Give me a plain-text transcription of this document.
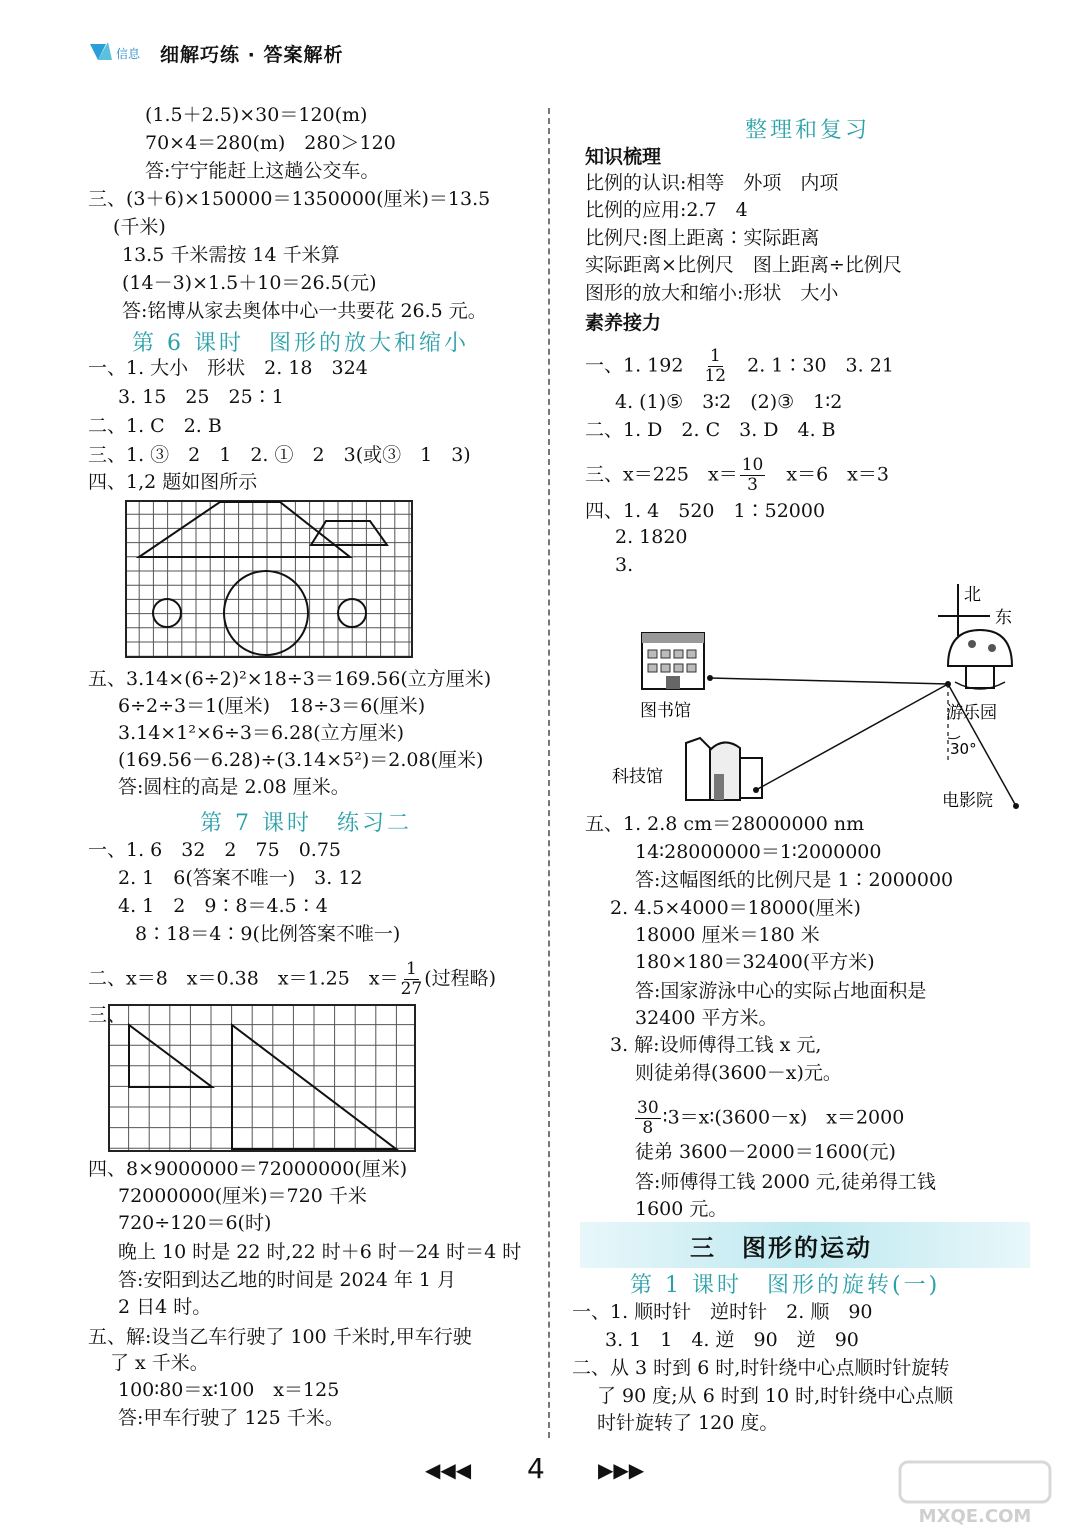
信息 细解巧练 · 答案解析
(1.5＋2.5)×30＝120(m)
70×4＝280(m)　280＞120
答:宁宁能赶上这趟公交车。
三、(3＋6)×150000＝1350000(厘米)＝13.5
(千米)
13.5 千米需按 14 千米算
(14－3)×1.5＋10＝26.5(元)
答:铭博从家去奥体中心一共要花 26.5 元。
第 6 课时　图形的放大和缩小
一、1. 大小　形状　2. 18　324
3. 15　25　25∶1
二、1. C　2. B
三、1. ③　2　1　2. ①　2　3(或③　1　3)
四、1,2 题如图所示
五、3.14×(6÷2)²×18÷3＝169.56(立方厘米)
6÷2÷3＝1(厘米)　18÷3＝6(厘米)
3.14×1²×6÷3＝6.28(立方厘米)
(169.56－6.28)÷(3.14×5²)＝2.08(厘米)
答:圆柱的高是 2.08 厘米。
第 7 课时　练习二
一、1. 6　32　2　75　0.75
2. 1　6(答案不唯一)　3. 12
4. 1　2　9∶8＝4.5∶4
8∶18＝4∶9(比例答案不唯一)
二、x＝8　x＝0.38　x＝1.25　$x= \frac{1}{27}$ (过程略)
三、
四、8×9000000＝72000000(厘米)
72000000(厘米)＝720 千米
720÷120＝6(时)
晚上 10 时是 22 时,22 时＋6 时－24 时＝4 时
答:安阳到达乙地的时间是 2024 年 1 月
2 日4 时。
五、解:设当乙车行驶了 100 千米时,甲车行驶
了 x 千米。
100∶80＝x∶100　x＝125
答:甲车行驶了 125 千米。
整理和复习
知识梳理
比例的认识:相等　外项　内项
比例的应用:2.7　4
比例尺:图上距离∶实际距离
实际距离×比例尺　图上距离÷比例尺
图形的放大和缩小:形状　大小
素养接力
一、1. 192　 $\frac{1}{12}$
　 2. 1∶30　3. 21
4. (1)⑤　3∶2　(2)③　1∶2
二、1. D　2. C　3. D　4. B
三、x＝225　$x= \frac{10}{3}$
　 x＝6　x＝3
四、1. 4　520　1∶52000
2. 1820
3.
北
东
图书馆	游乐园
科技馆
30°
电影院
五、1. 2.8 cm＝28000000 nm
14∶28000000＝1∶2000000
答:这幅图纸的比例尺是 1∶2000000
2. 4.5×4000＝18000(厘米)
18000 厘米＝180 米
180×180＝32400(平方米)
答:国家游泳中心的实际占地面积是
32400 平方米。
3. 解:设师傅得工钱 x 元,
则徒弟得(3600－x)元。
$\frac{30}{8}$ ∶3＝x∶(3600－x)　x＝2000
徒弟 3600－2000＝1600(元)
答:师傅得工钱 2000 元,徒弟得工钱
1600 元。
三　图形的运动
第 1 课时　图形的旋转(一)
一、1. 顺时针　逆时针　2. 顺　90
3. 1　1　4. 逆　90　逆　90
二、从 3 时到 6 时,时针绕中心点顺时针旋转
了 90 度;从 6 时到 10 时,时针绕中心点顺
时针旋转了 120 度。
◀◀◀ 4	▶▶▶
MXQE.COM
